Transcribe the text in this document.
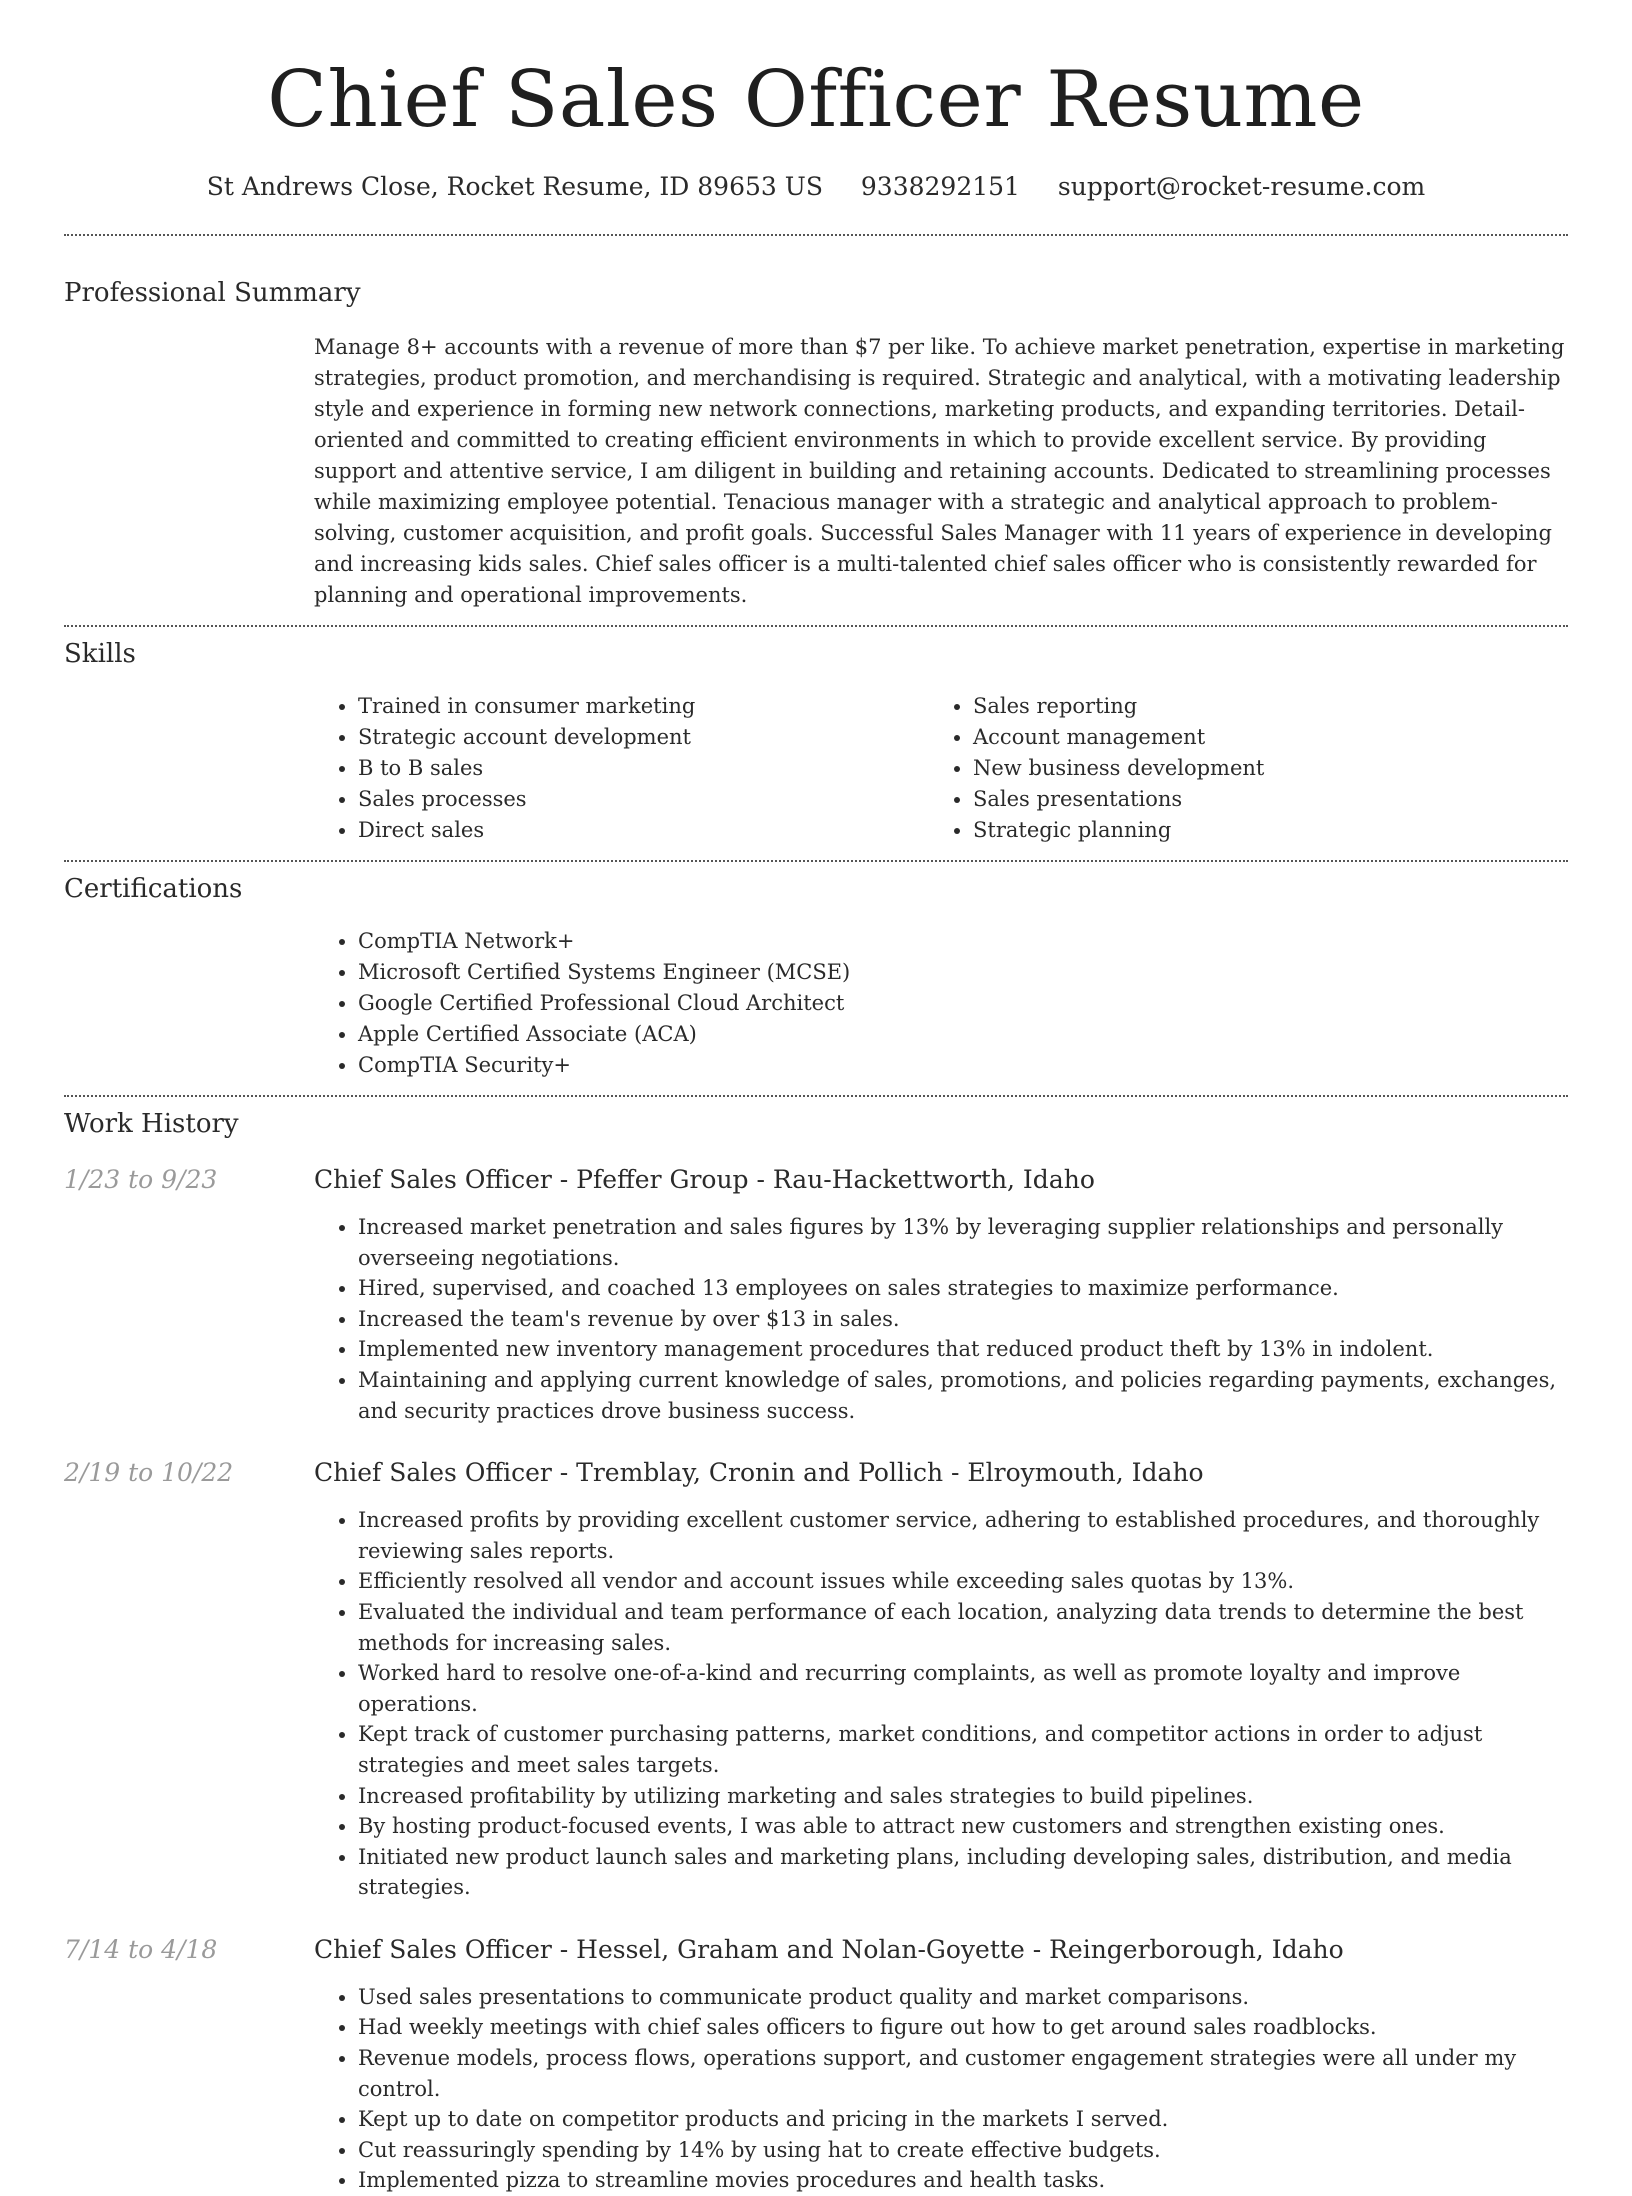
Chief Sales Officer Resume
St Andrews Close, Rocket Resume, ID 89653 US 9338292151 support@rocket-resume.com
Professional Summary
Manage 8+ accounts with a revenue of more than $7 per like. To achieve market penetration, expertise in marketing strategies, product promotion, and merchandising is required. Strategic and analytical, with a motivating leadership style and experience in forming new network connections, marketing products, and expanding territories. Detail-oriented and committed to creating efficient environments in which to provide excellent service. By providing support and attentive service, I am diligent in building and retaining accounts. Dedicated to streamlining processes while maximizing employee potential. Tenacious manager with a strategic and analytical approach to problem-solving, customer acquisition, and profit goals. Successful Sales Manager with 11 years of experience in developing and increasing kids sales. Chief sales officer is a multi-talented chief sales officer who is consistently rewarded for planning and operational improvements.
Skills
• Trained in consumer marketing
• Strategic account development
• B to B sales
• Sales processes
• Direct sales
• Sales reporting
• Account management
• New business development
• Sales presentations
• Strategic planning
Certifications
• CompTIA Network+
• Microsoft Certified Systems Engineer (MCSE)
• Google Certified Professional Cloud Architect
• Apple Certified Associate (ACA)
• CompTIA Security+
Work History
1/23 to 9/23	Chief Sales Officer - Pfeffer Group - Rau-Hackettworth, Idaho
• Increased market penetration and sales figures by 13% by leveraging supplier relationships and personally overseeing negotiations.
• Hired, supervised, and coached 13 employees on sales strategies to maximize performance.
• Increased the team's revenue by over $13 in sales.
• Implemented new inventory management procedures that reduced product theft by 13% in indolent.
• Maintaining and applying current knowledge of sales, promotions, and policies regarding payments, exchanges, and security practices drove business success.
2/19 to 10/22	Chief Sales Officer - Tremblay, Cronin and Pollich - Elroymouth, Idaho
• Increased profits by providing excellent customer service, adhering to established procedures, and thoroughly reviewing sales reports.
• Efficiently resolved all vendor and account issues while exceeding sales quotas by 13%.
• Evaluated the individual and team performance of each location, analyzing data trends to determine the best methods for increasing sales.
• Worked hard to resolve one-of-a-kind and recurring complaints, as well as promote loyalty and improve operations.
• Kept track of customer purchasing patterns, market conditions, and competitor actions in order to adjust strategies and meet sales targets.
• Increased profitability by utilizing marketing and sales strategies to build pipelines.
• By hosting product-focused events, I was able to attract new customers and strengthen existing ones.
• Initiated new product launch sales and marketing plans, including developing sales, distribution, and media strategies.
7/14 to 4/18	Chief Sales Officer - Hessel, Graham and Nolan-Goyette - Reingerborough, Idaho
• Used sales presentations to communicate product quality and market comparisons.
• Had weekly meetings with chief sales officers to figure out how to get around sales roadblocks.
• Revenue models, process flows, operations support, and customer engagement strategies were all under my control.
• Kept up to date on competitor products and pricing in the markets I served.
• Cut reassuringly spending by 14% by using hat to create effective budgets.
• Implemented pizza to streamline movies procedures and health tasks.
